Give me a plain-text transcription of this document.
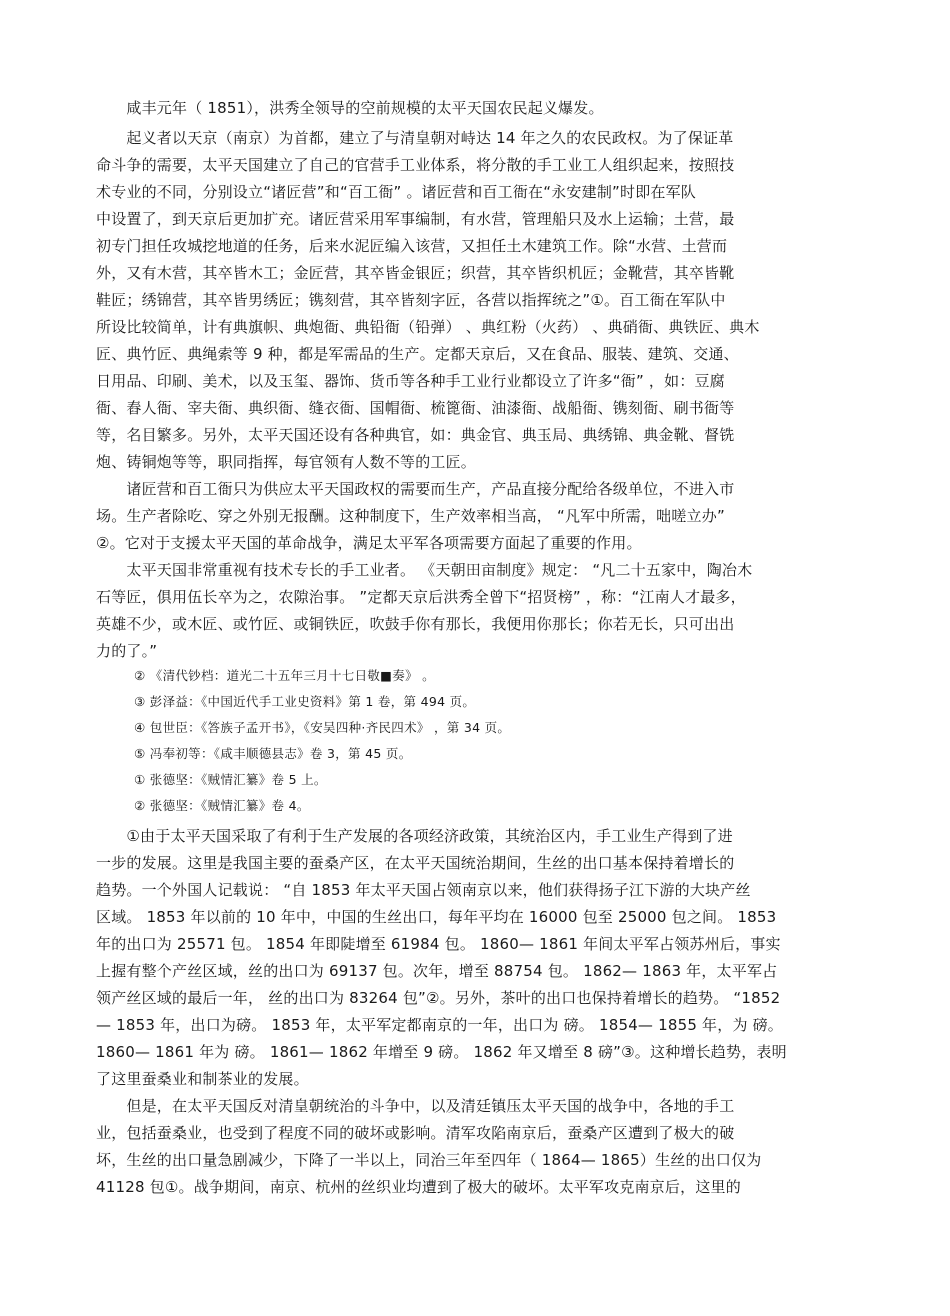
　　咸丰元年（ 1851），洪秀全领导的空前规模的太平天国农民起义爆发。
　　起义者以天京（南京）为首都，建立了与清皇朝对峙达 14 年之久的农民政权。为了保证革
命斗争的需要，太平天国建立了自己的官营手工业体系，将分散的手工业工人组织起来，按照技
术专业的不同，分别设立“诸匠营”和“百工衙” 。诸匠营和百工衙在“永安建制”时即在军队
中设置了，到天京后更加扩充。诸匠营采用军事编制，有水营，管理船只及水上运输；土营，最
初专门担任攻城挖地道的任务，后来水泥匠编入该营，又担任土木建筑工作。除“水营、土营而
外，又有木营，其卒皆木工；金匠营，其卒皆金银匠；织营，其卒皆织机匠；金靴营，其卒皆靴
鞋匠；绣锦营，其卒皆男绣匠；镌刻营，其卒皆刻字匠，各营以指挥统之”①。百工衙在军队中
所设比较简单，计有典旗帜、典炮衙、典铅衙（铅弹） 、典红粉（火药） 、典硝衙、典铁匠、典木
匠、典竹匠、典绳索等 9 种，都是军需品的生产。定都天京后，又在食品、服装、建筑、交通、
日用品、印刷、美术，以及玉玺、器饰、货币等各种手工业行业都设立了许多“衙” ，如：豆腐
衙、舂人衙、宰夫衙、典织衙、缝衣衙、国帽衙、梳篦衙、油漆衙、战船衙、镌刻衙、刷书衙等
等，名目繁多。另外，太平天国还设有各种典官，如：典金官、典玉局、典绣锦、典金靴、督铣
炮、铸铜炮等等，职同指挥，每官领有人数不等的工匠。
　　诸匠营和百工衙只为供应太平天国政权的需要而生产，产品直接分配给各级单位，不进入市
场。生产者除吃、穿之外别无报酬。这种制度下，生产效率相当高， “凡军中所需，咄嗟立办”
②。它对于支援太平天国的革命战争，满足太平军各项需要方面起了重要的作用。
　　太平天国非常重视有技术专长的手工业者。 《天朝田亩制度》规定： “凡二十五家中，陶冶木
石等匠，俱用伍长卒为之，农隙治事。 ”定都天京后洪秀全曾下“招贤榜” ，称：“江南人才最多，
英雄不少，或木匠、或竹匠、或铜铁匠，吹鼓手你有那长，我便用你那长；你若无长，只可出出
力的了。”
② 《清代钞档：道光二十五年三月十七日敬■奏》 。
③ 彭泽益：《中国近代手工业史资料》第 1 卷，第 494 页。
④ 包世臣：《答族子孟开书》，《安吴四种·齐民四术》 ，第 34 页。
⑤ 冯奉初等：《咸丰顺德县志》卷 3，第 45 页。
① 张德坚：《贼情汇纂》卷 5 上。
② 张德坚：《贼情汇纂》卷 4。
　　①由于太平天国采取了有利于生产发展的各项经济政策，其统治区内，手工业生产得到了进
一步的发展。这里是我国主要的蚕桑产区，在太平天国统治期间，生丝的出口基本保持着增长的
趋势。一个外国人记载说： “自 1853 年太平天国占领南京以来，他们获得扬子江下游的大块产丝
区域。 1853 年以前的 10 年中，中国的生丝出口，每年平均在 16000 包至 25000 包之间。 1853
年的出口为 25571 包。 1854 年即陡增至 61984 包。 1860— 1861 年间太平军占领苏州后，事实
上握有整个产丝区域，丝的出口为 69137 包。次年，增至 88754 包。 1862— 1863 年，太平军占
领产丝区域的最后一年， 丝的出口为 83264 包”②。另外，茶叶的出口也保持着增长的趋势。 “1852
— 1853 年，出口为磅。 1853 年，太平军定都南京的一年，出口为 磅。 1854— 1855 年，为 磅。
1860— 1861 年为 磅。 1861— 1862 年增至 9 磅。 1862 年又增至 8 磅”③。这种增长趋势，表明
了这里蚕桑业和制茶业的发展。
　　但是，在太平天国反对清皇朝统治的斗争中，以及清廷镇压太平天国的战争中，各地的手工
业，包括蚕桑业，也受到了程度不同的破坏或影响。清军攻陷南京后，蚕桑产区遭到了极大的破
坏，生丝的出口量急剧减少，下降了一半以上，同治三年至四年（ 1864— 1865）生丝的出口仅为
41128 包①。战争期间，南京、杭州的丝织业均遭到了极大的破坏。太平军攻克南京后，这里的
